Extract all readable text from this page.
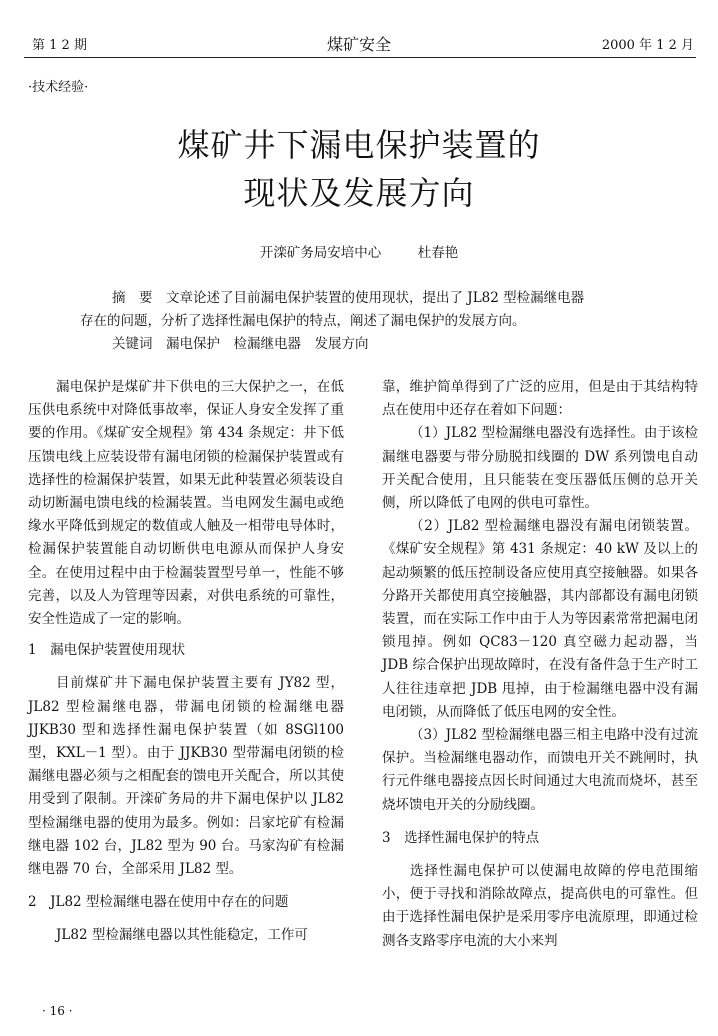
第 1 2 期	煤矿安全	2000 年 1 2 月
·技术经验·
煤矿井下漏电保护装置的
现状及发展方向
开滦矿务局安培中心	杜春艳

摘　要　文章论述了目前漏电保护装置的使用现状，提出了 JL82 型检漏继电器

存在的问题，分析了选择性漏电保护的特点，阐述了漏电保护的发展方向。

关键词　漏电保护　检漏继电器　发展方向

漏电保护是煤矿井下供电的三大保护之一，在低压供电系统中对降低事故率，保证人身安全发挥了重要的作用。《煤矿安全规程》第 434 条规定：井下低压馈电线上应装设带有漏电闭锁的检漏保护装置或有选择性的检漏保护装置，如果无此种装置必须装设自动切断漏电馈电线的检漏装置。当电网发生漏电或绝缘水平降低到规定的数值或人触及一相带电导体时，检漏保护装置能自动切断供电电源从而保护人身安全。在使用过程中由于检漏装置型号单一，性能不够完善，以及人为管理等因素，对供电系统的可靠性，安全性造成了一定的影响。

1　漏电保护装置使用现状

目前煤矿井下漏电保护装置主要有 JY82 型，JL82 型检漏继电器，带漏电闭锁的检漏继电器 JJKB30 型和选择性漏电保护装置（如 8SGl100 型，KXL－1 型）。由于 JJKB30 型带漏电闭锁的检漏继电器必须与之相配套的馈电开关配合，所以其使用受到了限制。开滦矿务局的井下漏电保护以 JL82 型检漏继电器的使用为最多。例如：吕家坨矿有检漏继电器 102 台，JL82 型为 90 台。马家沟矿有检漏继电器 70 台，全部采用 JL82 型。

2　JL82 型检漏继电器在使用中存在的问题

JL82 型检漏继电器以其性能稳定，工作可

靠，维护简单得到了广泛的应用，但是由于其结构特点在使用中还存在着如下问题：

（1）JL82 型检漏继电器没有选择性。由于该检漏继电器要与带分励脱扣线圈的 DW 系列馈电自动开关配合使用，且只能装在变压器低压侧的总开关侧，所以降低了电网的供电可靠性。

（2）JL82 型检漏继电器没有漏电闭锁装置。《煤矿安全规程》第 431 条规定：40 kW 及以上的起动频繁的低压控制设备应使用真空接触器。如果各分路开关都使用真空接触器，其内部都设有漏电闭锁装置，而在实际工作中由于人为等因素常常把漏电闭锁甩掉。例如 QC83－120 真空磁力起动器，当 JDB 综合保护出现故障时，在没有备件急于生产时工人往往违章把 JDB 甩掉，由于检漏继电器中没有漏电闭锁，从而降低了低压电网的安全性。

（3）JL82 型检漏继电器三相主电路中没有过流保护。当检漏继电器动作，而馈电开关不跳闸时，执行元件继电器接点因长时间通过大电流而烧坏，甚至烧坏馈电开关的分励线圈。

3　选择性漏电保护的特点

选择性漏电保护可以使漏电故障的停电范围缩小，便于寻找和消除故障点，提高供电的可靠性。但由于选择性漏电保护是采用零序电流原理，即通过检测各支路零序电流的大小来判

· 16 ·
